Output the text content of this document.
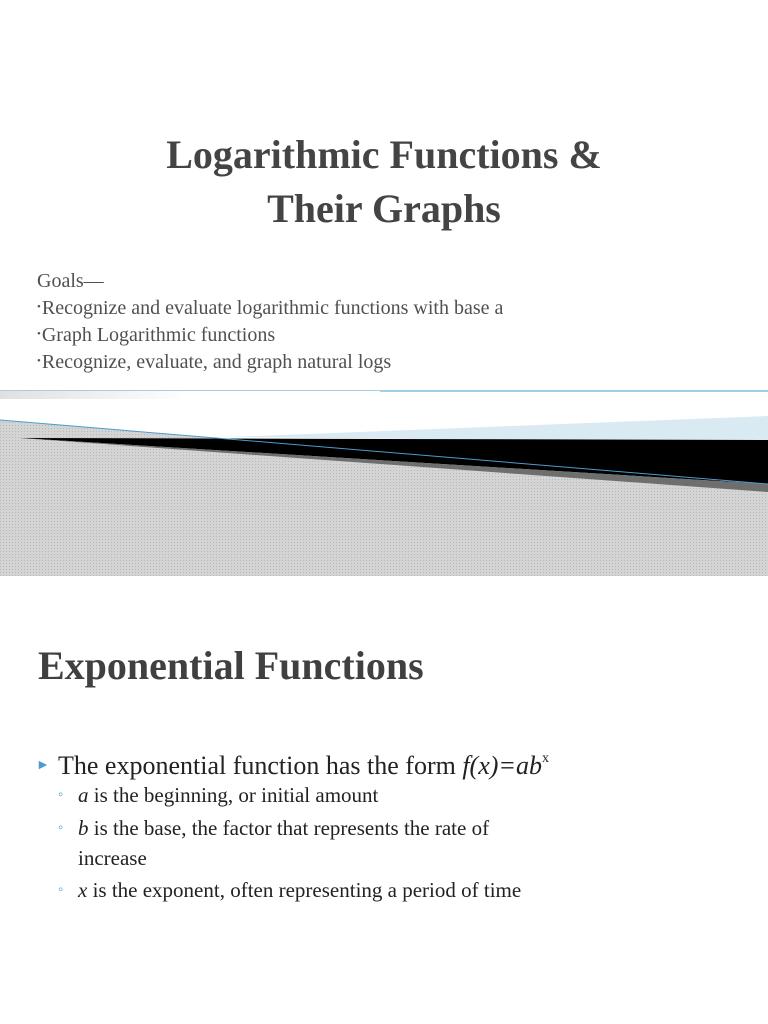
Logarithmic Functions &
Their Graphs
Goals—
•Recognize and evaluate logarithmic functions with base a
•Graph Logarithmic functions
•Recognize, evaluate, and graph natural logs
Exponential Functions
► The exponential function has the form $f(x)=ab^x$
◦ a is the beginning, or initial amount
◦ b is the base, the factor that represents the rate of
increase
◦ x is the exponent, often representing a period of time
